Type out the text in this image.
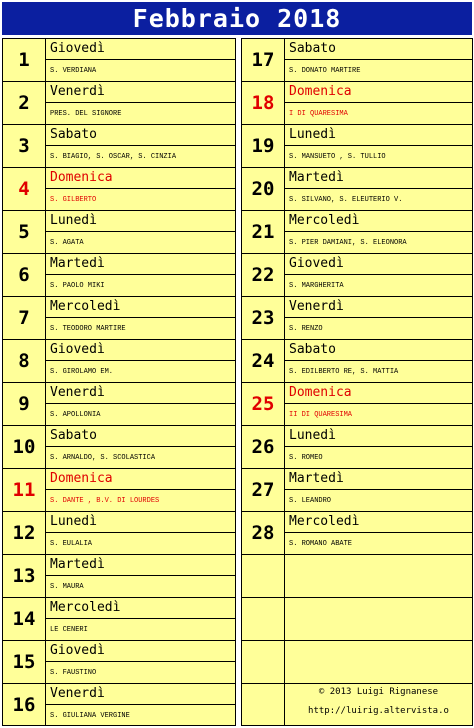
Febbraio 2018
16
Venerdì
S. GIULIANA VERGINE
15
Giovedì
S. FAUSTINO
14
Mercoledì
LE CENERI
13
Martedì
S. MAURA
12
Lunedì
S. EULALIA
11
Domenica
S. DANTE , B.V. DI LOURDES
10
Sabato
S. ARNALDO, S. SCOLASTICA
9
Venerdì
S. APOLLONIA
8
Giovedì
S. GIROLAMO EM.
7
Mercoledì
S. TEODORO MARTIRE
6
Martedì
S. PAOLO MIKI
5
Lunedì
S. AGATA
4
Domenica
S. GILBERTO
3
Sabato
S. BIAGIO, S. OSCAR, S. CINZIA
2
Venerdì
PRES. DEL SIGNORE
1
Giovedì
S. VERDIANA
28
Mercoledì
S. ROMANO ABATE
27
Martedì
S. LEANDRO
26
Lunedì
S. ROMEO
25
Domenica
II DI QUARESIMA
24
Sabato
S. EDILBERTO RE, S. MATTIA
23
Venerdì
S. RENZO
22
Giovedì
S. MARGHERITA
21
Mercoledì
S. PIER DAMIANI, S. ELEONORA
20
Martedì
S. SILVANO, S. ELEUTERIO V.
19
Lunedì
S. MANSUETO , S. TULLIO
18
Domenica
I DI QUARESIMA
17
Sabato
S. DONATO MARTIRE
© 2013 Luigi Rignanese
http://luirig.altervista.o
